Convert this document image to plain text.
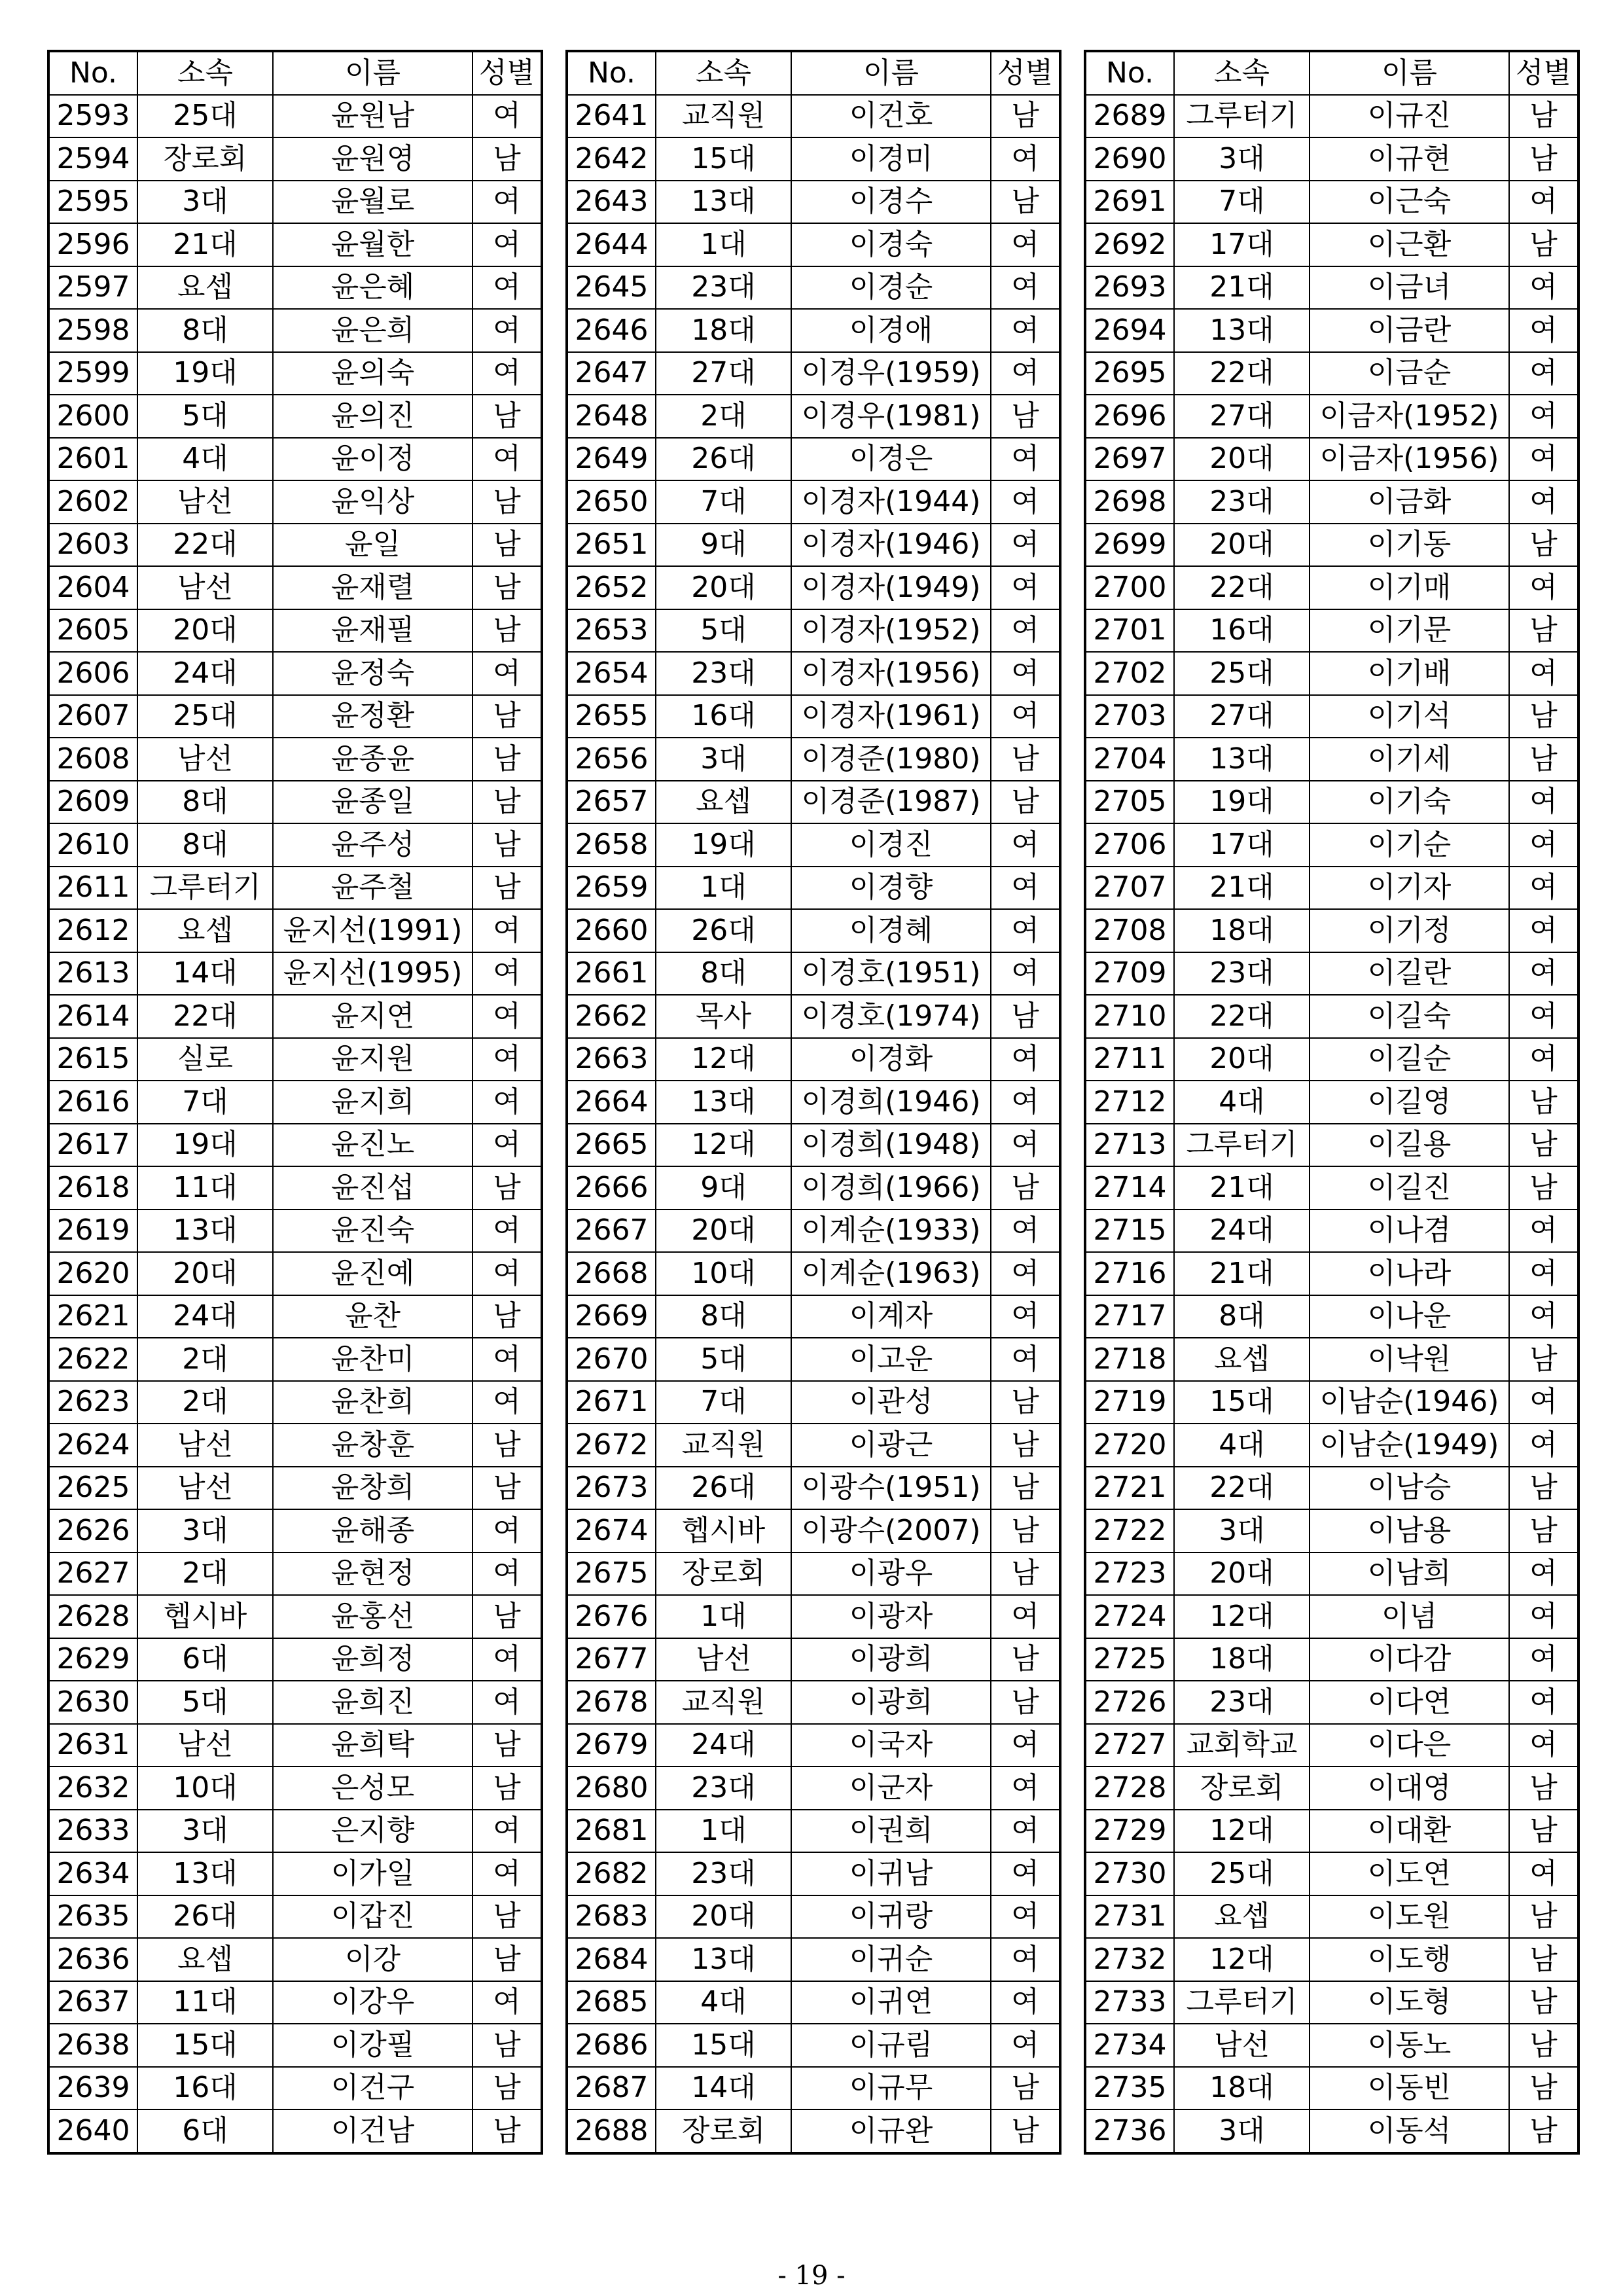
No.	소속	이름	성별
2593	25대	윤원남	여
2594	장로회	윤원영	남
2595	3대	윤월로	여
2596	21대	윤월한	여
2597	요셉	윤은혜	여
2598	8대	윤은희	여
2599	19대	윤의숙	여
2600	5대	윤의진	남
2601	4대	윤이정	여
2602	남선	윤익상	남
2603	22대	윤일	남
2604	남선	윤재렬	남
2605	20대	윤재필	남
2606	24대	윤정숙	여
2607	25대	윤정환	남
2608	남선	윤종윤	남
2609	8대	윤종일	남
2610	8대	윤주성	남
2611	그루터기	윤주철	남
2612	요셉	윤지선(1991)	여
2613	14대	윤지선(1995)	여
2614	22대	윤지연	여
2615	실로	윤지원	여
2616	7대	윤지희	여
2617	19대	윤진노	여
2618	11대	윤진섭	남
2619	13대	윤진숙	여
2620	20대	윤진예	여
2621	24대	윤찬	남
2622	2대	윤찬미	여
2623	2대	윤찬희	여
2624	남선	윤창훈	남
2625	남선	윤창희	남
2626	3대	윤해종	여
2627	2대	윤현정	여
2628	헵시바	윤홍선	남
2629	6대	윤희정	여
2630	5대	윤희진	여
2631	남선	윤희탁	남
2632	10대	은성모	남
2633	3대	은지향	여
2634	13대	이가일	여
2635	26대	이갑진	남
2636	요셉	이강	남
2637	11대	이강우	여
2638	15대	이강필	남
2639	16대	이건구	남
2640	6대	이건남	남
No.	소속	이름	성별
2641	교직원	이건호	남
2642	15대	이경미	여
2643	13대	이경수	남
2644	1대	이경숙	여
2645	23대	이경순	여
2646	18대	이경애	여
2647	27대	이경우(1959)	여
2648	2대	이경우(1981)	남
2649	26대	이경은	여
2650	7대	이경자(1944)	여
2651	9대	이경자(1946)	여
2652	20대	이경자(1949)	여
2653	5대	이경자(1952)	여
2654	23대	이경자(1956)	여
2655	16대	이경자(1961)	여
2656	3대	이경준(1980)	남
2657	요셉	이경준(1987)	남
2658	19대	이경진	여
2659	1대	이경향	여
2660	26대	이경혜	여
2661	8대	이경호(1951)	여
2662	목사	이경호(1974)	남
2663	12대	이경화	여
2664	13대	이경희(1946)	여
2665	12대	이경희(1948)	여
2666	9대	이경희(1966)	남
2667	20대	이계순(1933)	여
2668	10대	이계순(1963)	여
2669	8대	이계자	여
2670	5대	이고운	여
2671	7대	이관성	남
2672	교직원	이광근	남
2673	26대	이광수(1951)	남
2674	헵시바	이광수(2007)	남
2675	장로회	이광우	남
2676	1대	이광자	여
2677	남선	이광희	남
2678	교직원	이광희	남
2679	24대	이국자	여
2680	23대	이군자	여
2681	1대	이권희	여
2682	23대	이귀남	여
2683	20대	이귀랑	여
2684	13대	이귀순	여
2685	4대	이귀연	여
2686	15대	이규림	여
2687	14대	이규무	남
2688	장로회	이규완	남
No.	소속	이름	성별
2689	그루터기	이규진	남
2690	3대	이규현	남
2691	7대	이근숙	여
2692	17대	이근환	남
2693	21대	이금녀	여
2694	13대	이금란	여
2695	22대	이금순	여
2696	27대	이금자(1952)	여
2697	20대	이금자(1956)	여
2698	23대	이금화	여
2699	20대	이기동	남
2700	22대	이기매	여
2701	16대	이기문	남
2702	25대	이기배	여
2703	27대	이기석	남
2704	13대	이기세	남
2705	19대	이기숙	여
2706	17대	이기순	여
2707	21대	이기자	여
2708	18대	이기정	여
2709	23대	이길란	여
2710	22대	이길숙	여
2711	20대	이길순	여
2712	4대	이길영	남
2713	그루터기	이길용	남
2714	21대	이길진	남
2715	24대	이나겸	여
2716	21대	이나라	여
2717	8대	이나운	여
2718	요셉	이낙원	남
2719	15대	이남순(1946)	여
2720	4대	이남순(1949)	여
2721	22대	이남승	남
2722	3대	이남용	남
2723	20대	이남희	여
2724	12대	이념	여
2725	18대	이다감	여
2726	23대	이다연	여
2727	교회학교	이다은	여
2728	장로회	이대영	남
2729	12대	이대환	남
2730	25대	이도연	여
2731	요셉	이도원	남
2732	12대	이도행	남
2733	그루터기	이도형	남
2734	남선	이동노	남
2735	18대	이동빈	남
2736	3대	이동석	남
- 19 -
